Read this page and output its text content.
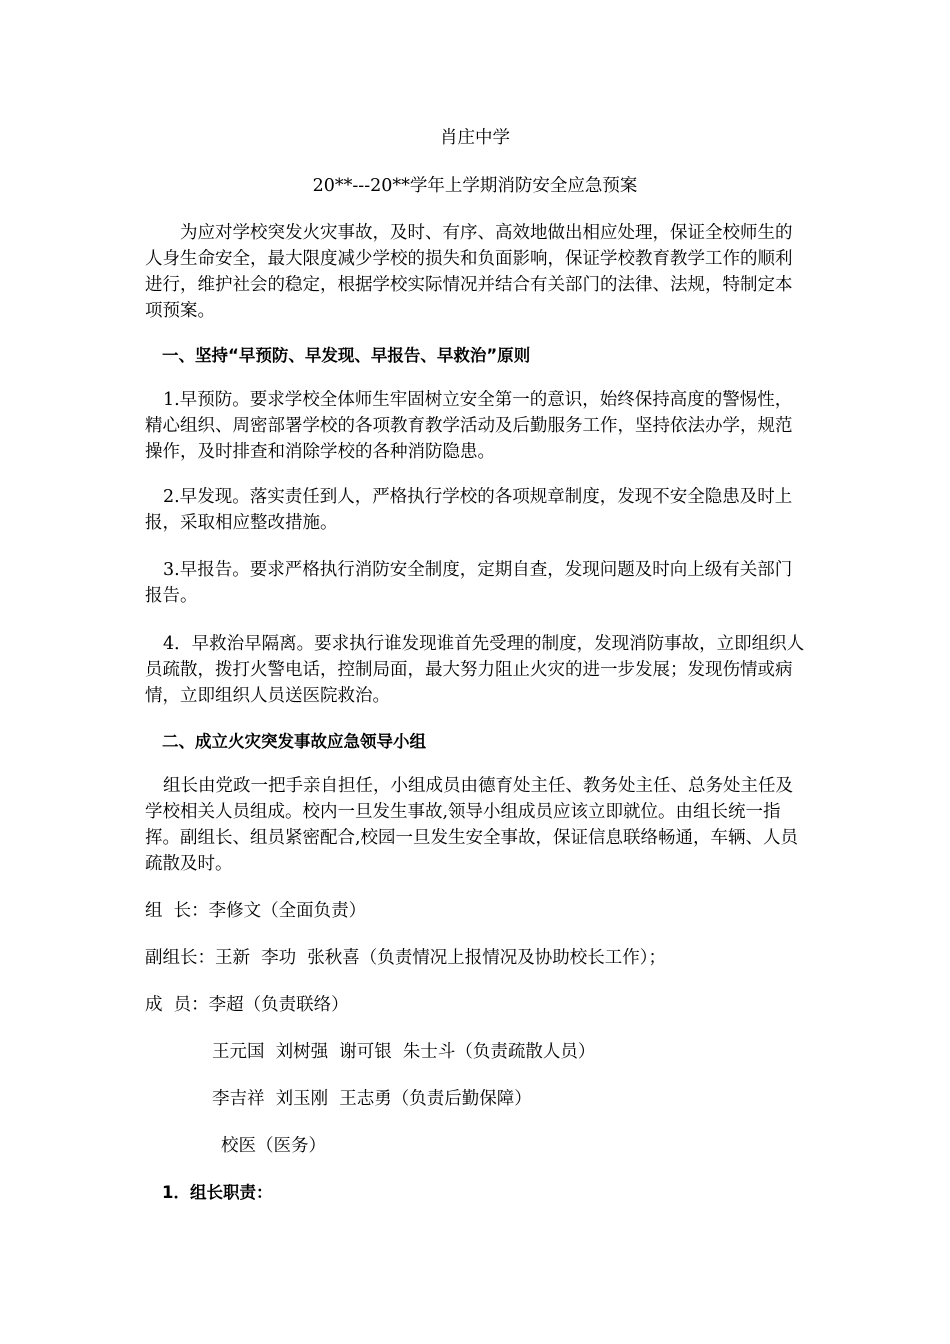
肖庄中学
20**---20**学年上学期消防安全应急预案
为应对学校突发火灾事故，及时、有序、高效地做出相应处理，保证全校师生的人身生命安全，最大限度减少学校的损失和负面影响，保证学校教育教学工作的顺利进行，维护社会的稳定，根据学校实际情况并结合有关部门的法律、法规，特制定本项预案。
一、坚持“早预防、早发现、早报告、早救治”原则
1.早预防。要求学校全体师生牢固树立安全第一的意识，始终保持高度的警惕性，精心组织、周密部署学校的各项教育教学活动及后勤服务工作，坚持依法办学，规范操作，及时排查和消除学校的各种消防隐患。
2.早发现。落实责任到人，严格执行学校的各项规章制度，发现不安全隐患及时上报，采取相应整改措施。
3.早报告。要求严格执行消防安全制度，定期自查，发现问题及时向上级有关部门报告。
4．早救治早隔离。要求执行谁发现谁首先受理的制度，发现消防事故，立即组织人员疏散，拨打火警电话，控制局面，最大努力阻止火灾的进一步发展；发现伤情或病情，立即组织人员送医院救治。
二、成立火灾突发事故应急领导小组
组长由党政一把手亲自担任，小组成员由德育处主任、教务处主任、总务处主任及学校相关人员组成。校内一旦发生事故,领导小组成员应该立即就位。由组长统一指挥。副组长、组员紧密配合,校园一旦发生安全事故，保证信息联络畅通，车辆、人员疏散及时。
组  长：李修文（全面负责）
副组长：王新  李功  张秋喜（负责情况上报情况及协助校长工作）；
成  员：李超（负责联络）
王元国  刘树强  谢可银  朱士斗（负责疏散人员）
李吉祥  刘玉刚  王志勇（负责后勤保障）
校医（医务）
1．组长职责：
